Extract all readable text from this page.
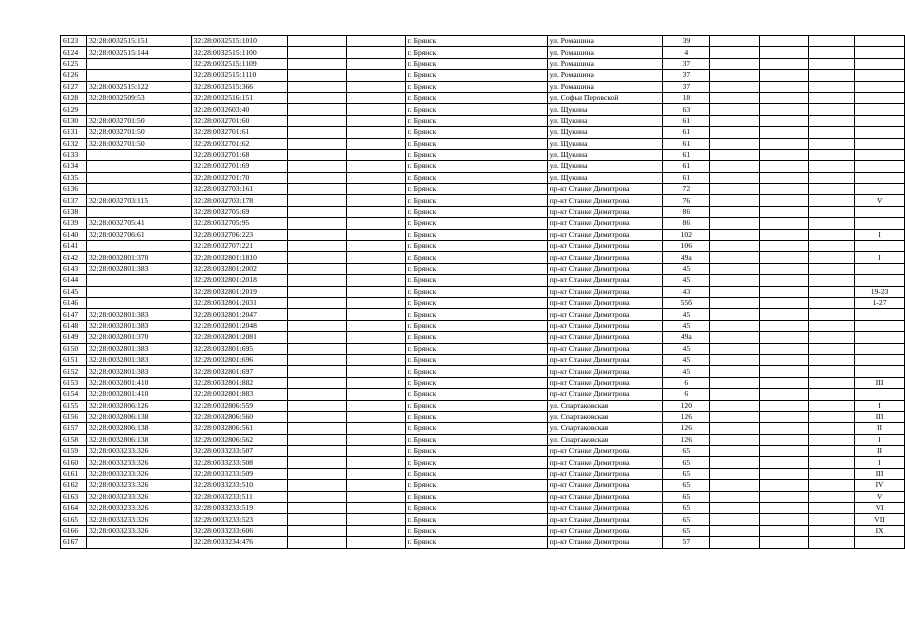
6123	32:28:0032515:151	32:28:0032515:1010			г. Брянск	ул. Ромашина	39				
6124	32:28:0032515:144	32:28:0032515:1100			г. Брянск	ул. Ромашина	4				
6125		32:28:0032515:1109			г. Брянск	ул. Ромашина	37				
6126		32:28:0032515:1110			г. Брянск	ул. Ромашина	37				
6127	32:28:0032515:122	32:28:0032515:366			г. Брянск	ул. Ромашина	37				
6128	32:28:0032509:53	32:28:0032516:151			г. Брянск	ул. Софьи Перовской	18				
6129		32:28:0032603:40			г. Брянск	ул. Щукина	63				
6130	32:28:0032701:50	32:28:0032701:60			г. Брянск	ул. Щукина	61				
6131	32:28:0032701:50	32:28:0032701:61			г. Брянск	ул. Щукина	61				
6132	32:28:0032701:50	32:28:0032701:62			г. Брянск	ул. Щукина	61				
6133		32:28:0032701:68			г. Брянск	ул. Щукина	61				
6134		32:28:0032701:69			г. Брянск	ул. Щукина	61				
6135		32:28:0032701:70			г. Брянск	ул. Щукина	61				
6136		32:28:0032703:161			г. Брянск	пр-кт Станке Димитрова	72				
6137	32:28:0032703:115	32:28:0032703:178			г. Брянск	пр-кт Станке Димитрова	76				V
6138		32:28:0032705:69			г. Брянск	пр-кт Станке Димитрова	86				
6139	32:28:0032705:41	32:28:0032705:95			г. Брянск	пр-кт Станке Димитрова	86				
6140	32:28:0032706:61	32:28:0032706:223			г. Брянск	пр-кт Станке Димитрова	102				I
6141		32:28:0032707:221			г. Брянск	пр-кт Станке Димитрова	106				
6142	32:28:0032801:370	32:28:0032801:1810			г. Брянск	пр-кт Станке Димитрова	49а				I
6143	32:28:0032801:383	32:28:0032801:2002			г. Брянск	пр-кт Станке Димитрова	45				
6144		32:28:0032801:2018			г. Брянск	пр-кт Станке Димитрова	45				
6145		32:28:0032801:2019			г. Брянск	пр-кт Станке Димитрова	43				19-23
6146		32:28:0032801:2031			г. Брянск	пр-кт Станке Димитрова	55б				1-27
6147	32:28:0032801:383	32:28:0032801:2047			г. Брянск	пр-кт Станке Димитрова	45				
6148	32:28:0032801:383	32:28:0032801:2048			г. Брянск	пр-кт Станке Димитрова	45				
6149	32:28:0032801:370	32:28:0032801:2081			г. Брянск	пр-кт Станке Димитрова	49а				
6150	32:28:0032801:383	32:28:0032801:695			г. Брянск	пр-кт Станке Димитрова	45				
6151	32:28:0032801:383	32:28:0032801:696			г. Брянск	пр-кт Станке Димитрова	45				
6152	32:28:0032801:383	32:28:0032801:697			г. Брянск	пр-кт Станке Димитрова	45				
6153	32:28:0032801:410	32:28:0032801:882			г. Брянск	пр-кт Станке Димитрова	6				III
6154	32:28:0032801:410	32:28:0032801:883			г. Брянск	пр-кт Станке Димитрова	6				
6155	32:28:0032806:126	32:28:0032806:559			г. Брянск	ул. Спартаковская	120				I
6156	32:28:0032806:138	32:28:0032806:560			г. Брянск	ул. Спартаковская	126				III
6157	32:28:0032806:138	32:28:0032806:561			г. Брянск	ул. Спартаковская	126				II
6158	32:28:0032806:138	32:28:0032806:562			г. Брянск	ул. Спартаковская	126				I
6159	32:28:0033233:326	32:28:0033233:507			г. Брянск	пр-кт Станке Димитрова	65				II
6160	32:28:0033233:326	32:28:0033233:508			г. Брянск	пр-кт Станке Димитрова	65				I
6161	32:28:0033233:326	32:28:0033233:509			г. Брянск	пр-кт Станке Димитрова	65				III
6162	32:28:0033233:326	32:28:0033233:510			г. Брянск	пр-кт Станке Димитрова	65				IV
6163	32:28:0033233:326	32:28:0033233:511			г. Брянск	пр-кт Станке Димитрова	65				V
6164	32:28:0033233:326	32:28:0033233:519			г. Брянск	пр-кт Станке Димитрова	65				VI
6165	32:28:0033233:326	32:28:0033233:523			г. Брянск	пр-кт Станке Димитрова	65				VII
6166	32:28:0033233:326	32:28:0033233:606			г. Брянск	пр-кт Станке Димитрова	65				IX
6167		32:28:0033234:476			г. Брянск	пр-кт Станке Димитрова	57				
